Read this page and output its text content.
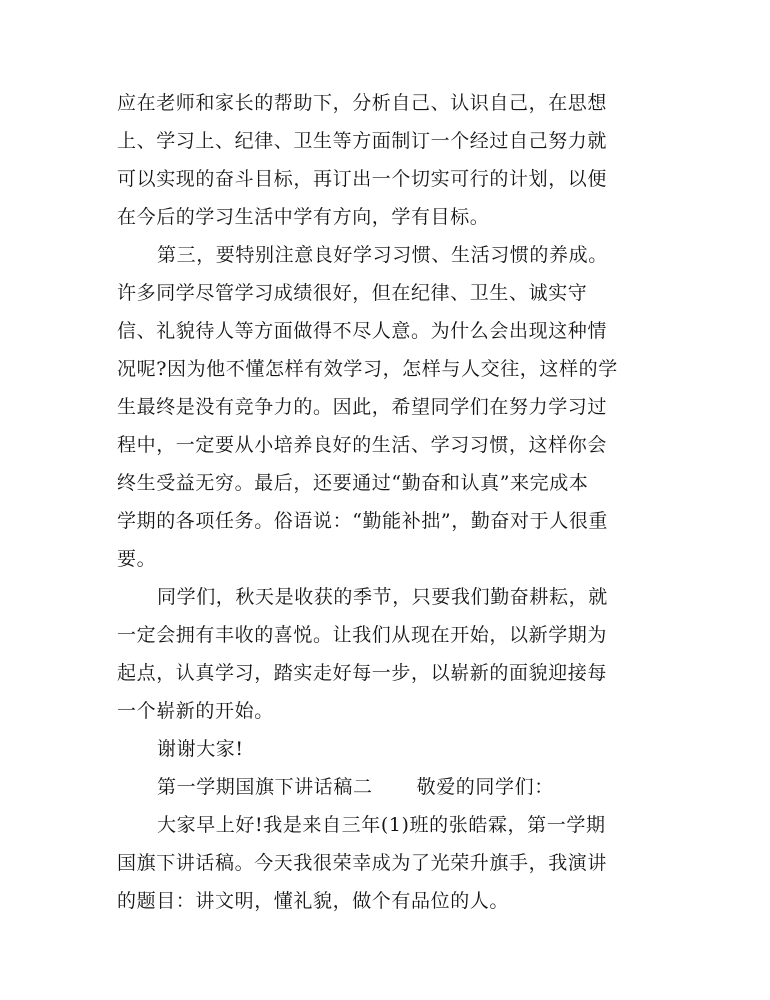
应在老师和家长的帮助下，分析自己、认识自己，在思想
上、学习上、纪律、卫生等方面制订一个经过自己努力就
可以实现的奋斗目标，再订出一个切实可行的计划，以便
在今后的学习生活中学有方向，学有目标。
第三，要特别注意良好学习习惯、生活习惯的养成。
许多同学尽管学习成绩很好，但在纪律、卫生、诚实守
信、礼貌待人等方面做得不尽人意。为什么会出现这种情
况呢?因为他不懂怎样有效学习，怎样与人交往，这样的学
生最终是没有竞争力的。因此，希望同学们在努力学习过
程中，一定要从小培养良好的生活、学习习惯，这样你会
终生受益无穷。最后，还要通过“勤奋和认真”来完成本
学期的各项任务。俗语说：“勤能补拙”，勤奋对于人很重
要。
同学们，秋天是收获的季节，只要我们勤奋耕耘，就
一定会拥有丰收的喜悦。让我们从现在开始，以新学期为
起点，认真学习，踏实走好每一步，以崭新的面貌迎接每
一个崭新的开始。
谢谢大家!
第一学期国旗下讲话稿二 敬爱的同学们：
大家早上好!我是来自三年(1)班的张皓霖，第一学期
国旗下讲话稿。今天我很荣幸成为了光荣升旗手，我演讲
的题目：讲文明，懂礼貌，做个有品位的人。
